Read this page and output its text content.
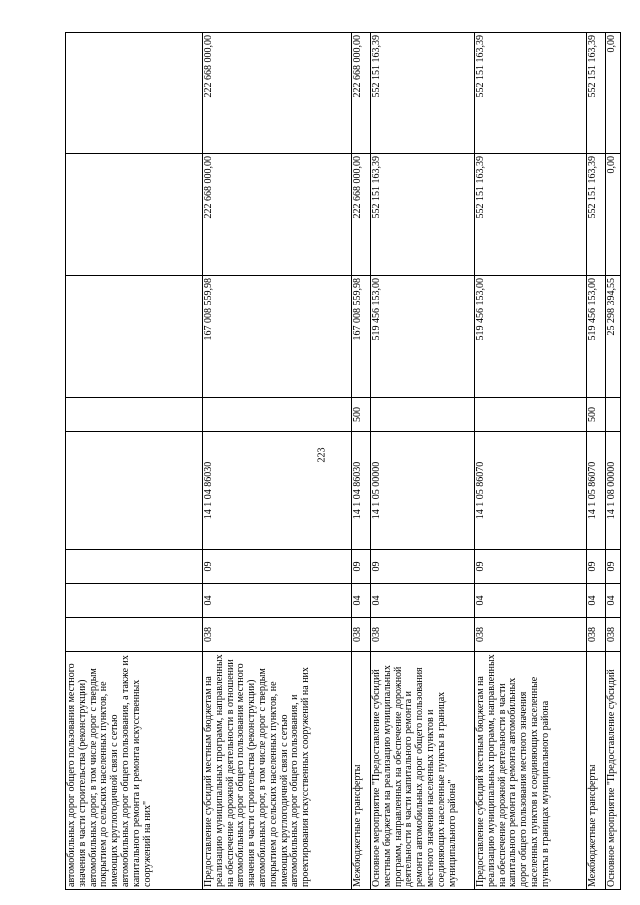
223
автомобильных дорог общего пользования местного значения в части строительства (реконструкции) автомобильных дорог, в том числе дорог с твердым покрытием до сельских населенных пунктов, не имеющих круглогодичной связи с сетью автомобильных дорог общего пользования, а также их капитального ремонта и ремонта искусственных сооружений на них"								
Предоставление субсидий местным бюджетам на реализацию муниципальных программ, направленных на обеспечение дорожной деятельности в отношении автомобильных дорог общего пользования местного значения в части строительства (реконструкции) автомобильных дорог, в том числе дорог с твердым покрытием до сельских населенных пунктов, не имеющих круглогодичной связи с сетью автомобильных дорог общего пользования, и проектирования искусственных сооружений на них	038	04	09	14 1 04 86030		167 008 559,98	222 668 000,00	222 668 000,00
Межбюджетные трансферты	038	04	09	14 1 04 86030	500	167 008 559,98	222 668 000,00	222 668 000,00
Основное мероприятие "Предоставление субсидий местным бюджетам на реализацию муниципальных программ, направленных на обеспечение дорожной деятельности в части капитального ремонта и ремонта автомобильных дорог общего пользования местного значения населенных пунктов и соединяющих населенные пункты в границах муниципального района"	038	04	09	14 1 05 00000		519 456 153,00	552 151 163,39	552 151 163,39
Предоставление субсидий местным бюджетам на реализацию муниципальных программ, направленных на обеспечение дорожной деятельности в части капитального ремонта и ремонта автомобильных дорог общего пользования местного значения населенных пунктов и соединяющих населенные пункты в границах муниципального района	038	04	09	14 1 05 86070		519 456 153,00	552 151 163,39	552 151 163,39
Межбюджетные трансферты	038	04	09	14 1 05 86070	500	519 456 153,00	552 151 163,39	552 151 163,39
Основное мероприятие "Предоставление субсидий	038	04	09	14 1 08 00000		25 298 394,55	0,00	0,00
